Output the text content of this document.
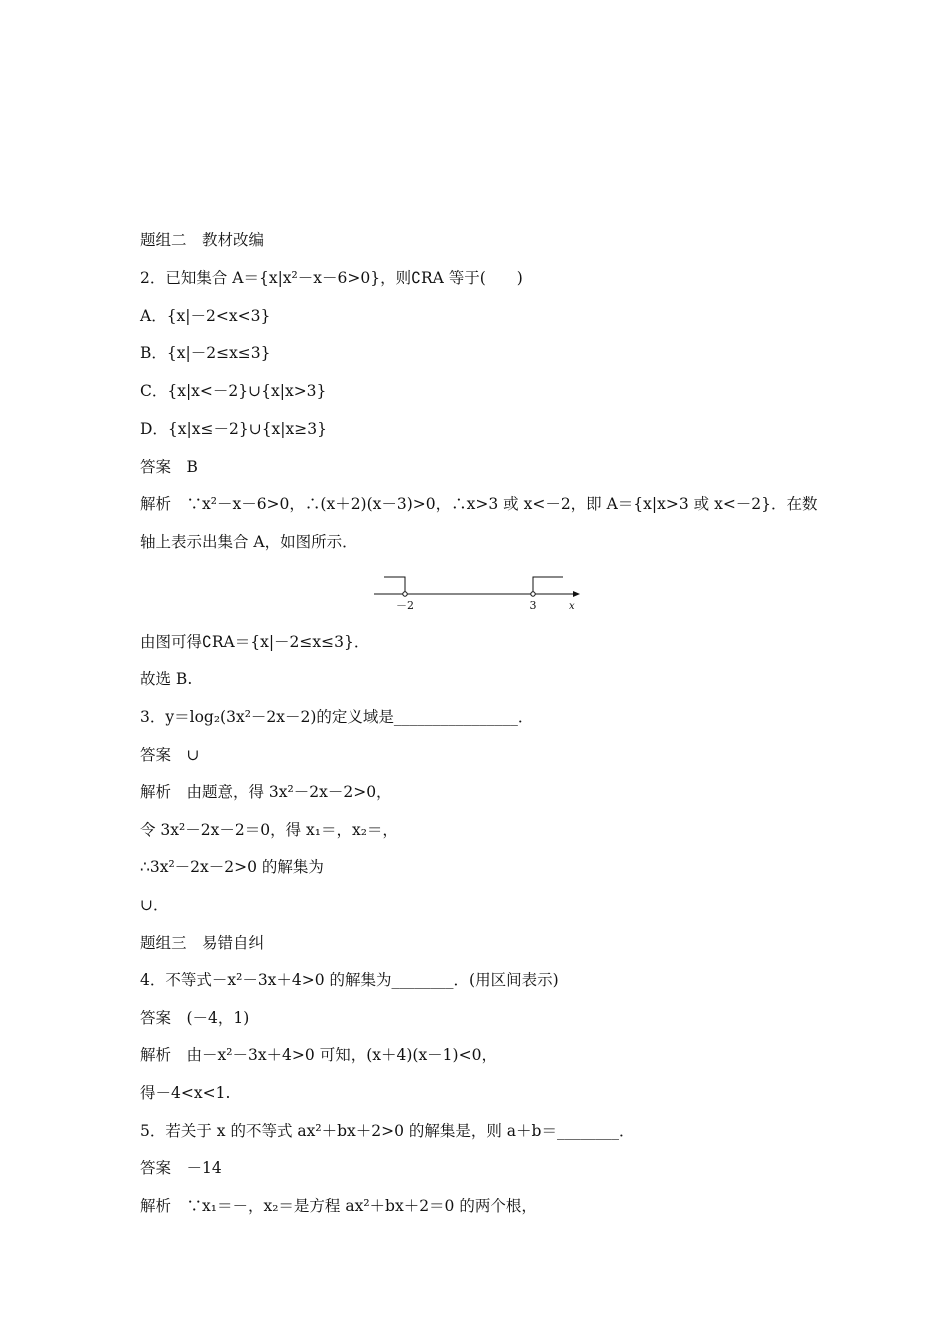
题组二　教材改编

2．已知集合 A＝{x|x²－x－6>0}，则∁RA 等于(　　)

A．{x|－2<x<3}

B．{x|－2≤x≤3}

C．{x|x<－2}∪{x|x>3}

D．{x|x≤－2}∪{x|x≥3}

答案　B

解析　∵x²－x－6>0，∴(x＋2)(x－3)>0，∴x>3 或 x<－2，即 A＝{x|x>3 或 x<－2}．在数

轴上表示出集合 A，如图所示．

－2	3	x

由图可得∁RA＝{x|－2≤x≤3}．

故选 B.

3．y＝log₂(3x²－2x－2)的定义域是________________．

答案　∪

解析　由题意，得 3x²－2x－2>0，

令 3x²－2x－2＝0，得 x₁＝，x₂＝，

∴3x²－2x－2>0 的解集为

∪．

题组三　易错自纠

4．不等式－x²－3x＋4>0 的解集为________．(用区间表示)

答案　(－4，1)

解析　由－x²－3x＋4>0 可知，(x＋4)(x－1)<0，

得－4<x<1.

5．若关于 x 的不等式 ax²＋bx＋2>0 的解集是，则 a＋b＝________．

答案　－14

解析　∵x₁＝－，x₂＝是方程 ax²＋bx＋2＝0 的两个根，
